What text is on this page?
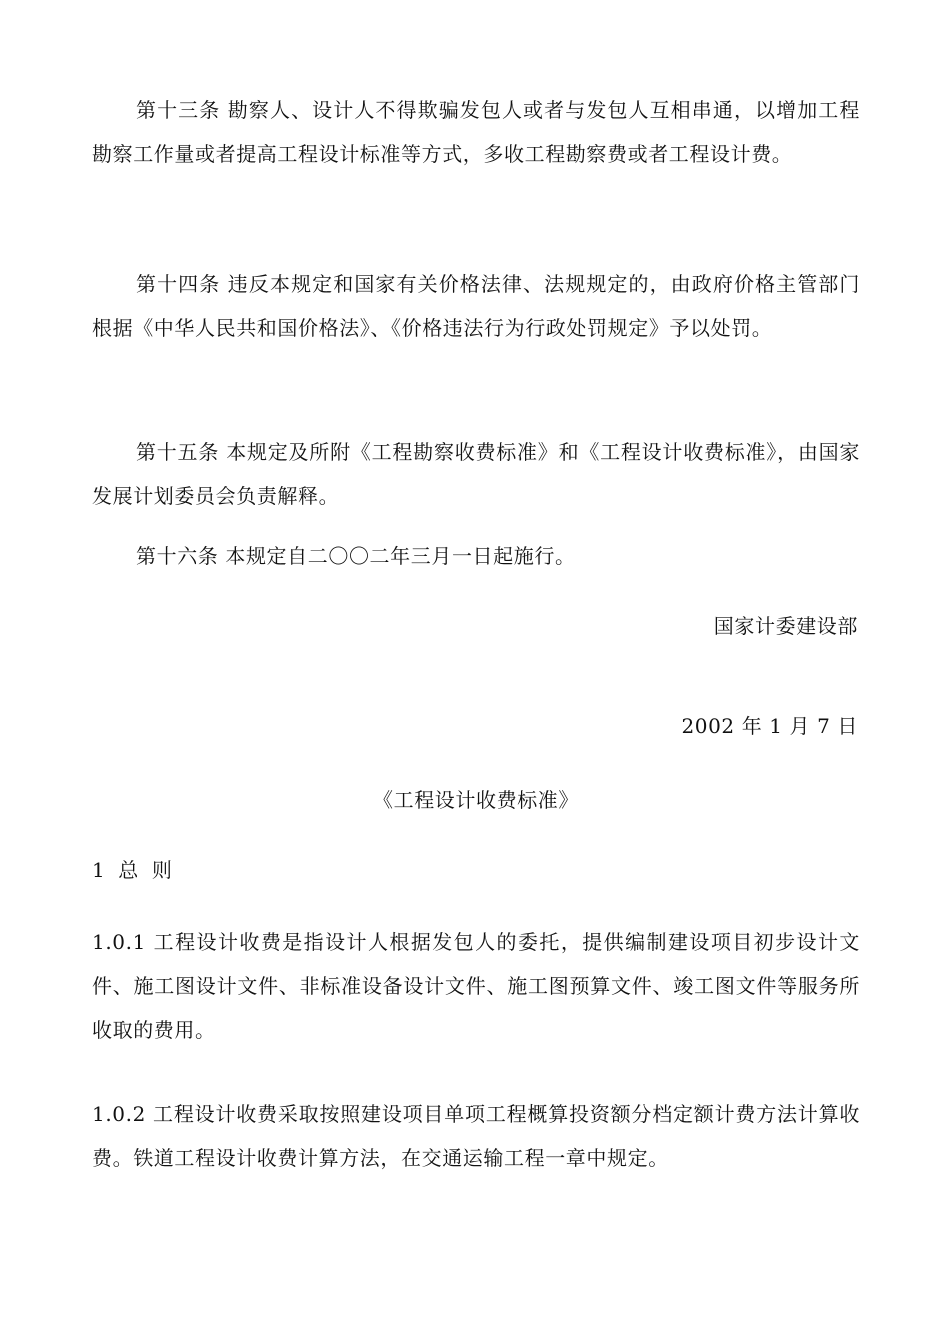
第十三条 勘察人、设计人不得欺骗发包人或者与发包人互相串通，以增加工程勘察工作量或者提高工程设计标准等方式，多收工程勘察费或者工程设计费。

第十四条 违反本规定和国家有关价格法律、法规规定的，由政府价格主管部门根据《中华人民共和国价格法》、《价格违法行为行政处罚规定》予以处罚。

第十五条 本规定及所附《工程勘察收费标准》和《工程设计收费标准》，由国家发展计划委员会负责解释。

第十六条 本规定自二〇〇二年三月一日起施行。

国家计委建设部

2002 年 1 月 7 日

《工程设计收费标准》

1 总 则

1.0.1 工程设计收费是指设计人根据发包人的委托，提供编制建设项目初步设计文件、施工图设计文件、非标准设备设计文件、施工图预算文件、竣工图文件等服务所收取的费用。

1.0.2 工程设计收费采取按照建设项目单项工程概算投资额分档定额计费方法计算收费。铁道工程设计收费计算方法，在交通运输工程一章中规定。
